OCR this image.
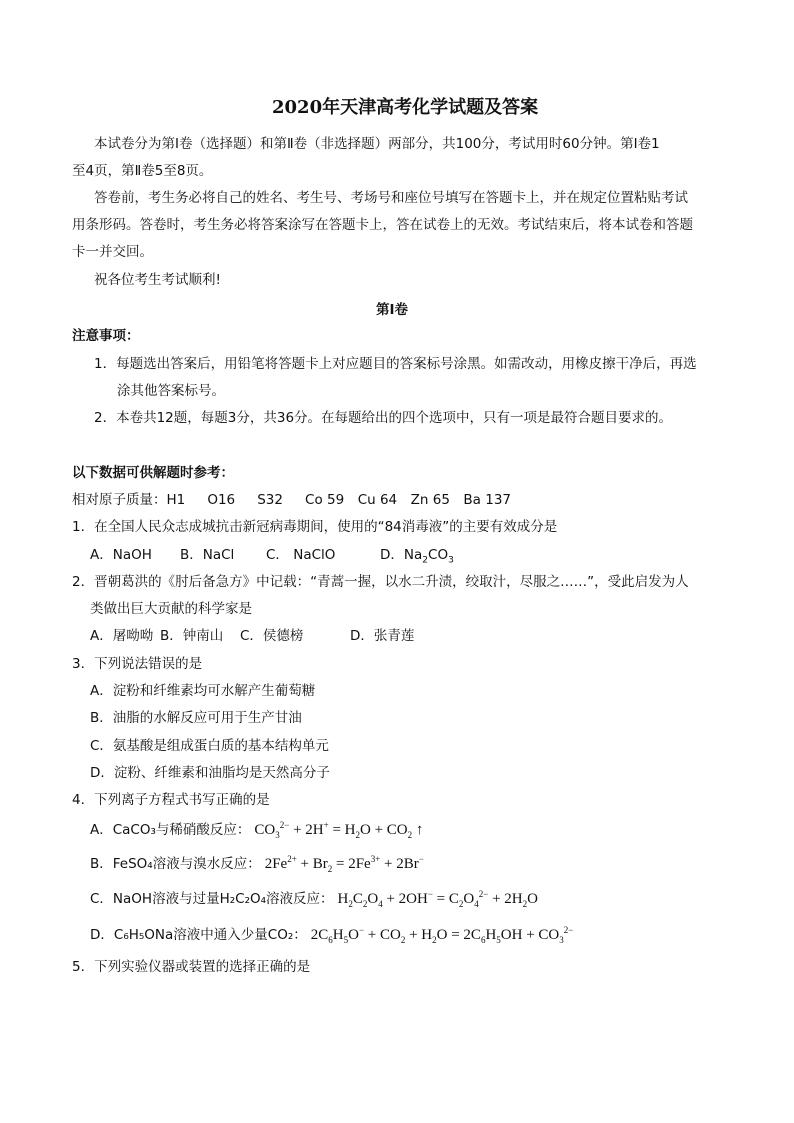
2020年天津高考化学试题及答案
本试卷分为第Ⅰ卷（选择题）和第Ⅱ卷（非选择题）两部分，共100分，考试用时60分钟。第Ⅰ卷1
至4页，第Ⅱ卷5至8页。
答卷前，考生务必将自己的姓名、考生号、考场号和座位号填写在答题卡上，并在规定位置粘贴考试
用条形码。答卷时，考生务必将答案涂写在答题卡上，答在试卷上的无效。考试结束后，将本试卷和答题
卡一并交回。
祝各位考生考试顺利!
第Ⅰ卷
注意事项：
1．每题选出答案后，用铅笔将答题卡上对应题目的答案标号涂黑。如需改动，用橡皮擦干净后，再选
涂其他答案标号。
2．本卷共12题，每题3分，共36分。在每题给出的四个选项中，只有一项是最符合题目要求的。
以下数据可供解题时参考：
相对原子质量：H1　  O16　  S32　  Co 59　Cu 64　Zn 65　Ba 137
1．在全国人民众志成城抗击新冠病毒期间，使用的“84消毒液”的主要有效成分是
A．NaOH B．NaCl C． NaClO	D．$Na_2CO_3$
2．晋朝葛洪的《肘后备急方》中记载：“青蒿一握，以水二升渍，绞取汁，尽服之……”，受此启发为人
类做出巨大贡献的科学家是
A．屠呦呦 B．钟南山 C．侯德榜	D．张青莲
3．下列说法错误的是
A．淀粉和纤维素均可水解产生葡萄糖
B．油脂的水解反应可用于生产甘油
C．氨基酸是组成蛋白质的基本结构单元
D．淀粉、纤维素和油脂均是天然高分子
4．下列离子方程式书写正确的是
A．CaCO₃与稀硝酸反应： $CO_3^{2-} + 2H^+ = H_2O + CO_2$ ↑
B．FeSO₄溶液与溴水反应： $2Fe^{2+} + Br_2 = 2Fe^{3+} + 2Br^-$
C．NaOH溶液与过量H₂C₂O₄溶液反应： $H_2C_2O_4 + 2OH^- = C_2O_4^{2-} + 2H_2O$
D．C₆H₅ONa溶液中通入少量CO₂： $2C_6H_5O^- + CO_2 + H_2O = 2C_6H_5OH + CO_3^{2-}$
5．下列实验仪器或装置的选择正确的是
